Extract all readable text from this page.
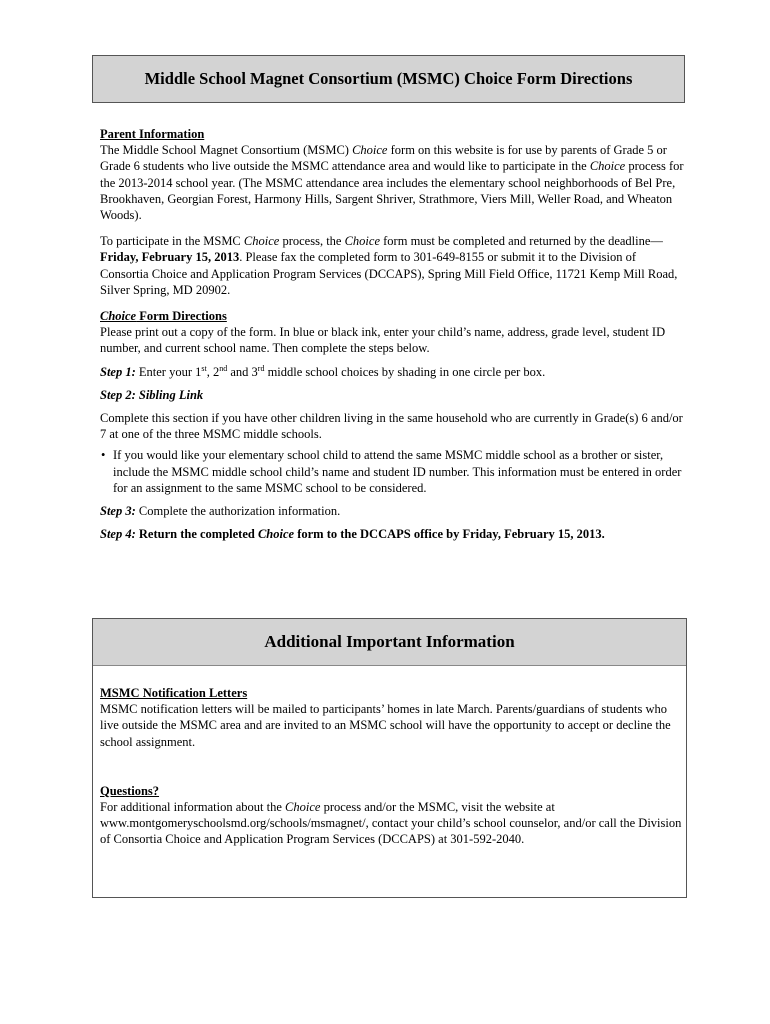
Middle School Magnet Consortium (MSMC) Choice Form Directions

Parent Information

The Middle School Magnet Consortium (MSMC) Choice form on this website is for use by parents of Grade 5 or Grade 6 students who live outside the MSMC attendance area and would like to participate in the Choice process for the 2013-2014 school year. (The MSMC attendance area includes the elementary school neighborhoods of Bel Pre, Brookhaven, Georgian Forest, Harmony Hills, Sargent Shriver, Strathmore, Viers Mill, Weller Road, and Wheaton Woods).

To participate in the MSMC Choice process, the Choice form must be completed and returned by the deadline—Friday, February 15, 2013. Please fax the completed form to 301-649-8155 or submit it to the Division of Consortia Choice and Application Program Services (DCCAPS), Spring Mill Field Office, 11721 Kemp Mill Road, Silver Spring, MD 20902.

Choice Form Directions

Please print out a copy of the form. In blue or black ink, enter your child’s name, address, grade level, student ID number, and current school name. Then complete the steps below.

Step 1: Enter your 1st, 2nd and 3rd middle school choices by shading in one circle per box.

Step 2: Sibling Link

Complete this section if you have other children living in the same household who are currently in Grade(s) 6 and/or 7 at one of the three MSMC middle schools.

• If you would like your elementary school child to attend the same MSMC middle school as a brother or sister, include the MSMC middle school child’s name and student ID number. This information must be entered in order for an assignment to the same MSMC school to be considered.

Step 3: Complete the authorization information.

Step 4: Return the completed Choice form to the DCCAPS office by Friday, February 15, 2013.

Additional Important Information

MSMC Notification Letters

MSMC notification letters will be mailed to participants’ homes in late March. Parents/guardians of students who live outside the MSMC area and are invited to an MSMC school will have the opportunity to accept or decline the school assignment.

Questions?

For additional information about the Choice process and/or the MSMC, visit the website at www.montgomeryschoolsmd.org/schools/msmagnet/, contact your child’s school counselor, and/or call the Division of Consortia Choice and Application Program Services (DCCAPS) at 301-592-2040.
